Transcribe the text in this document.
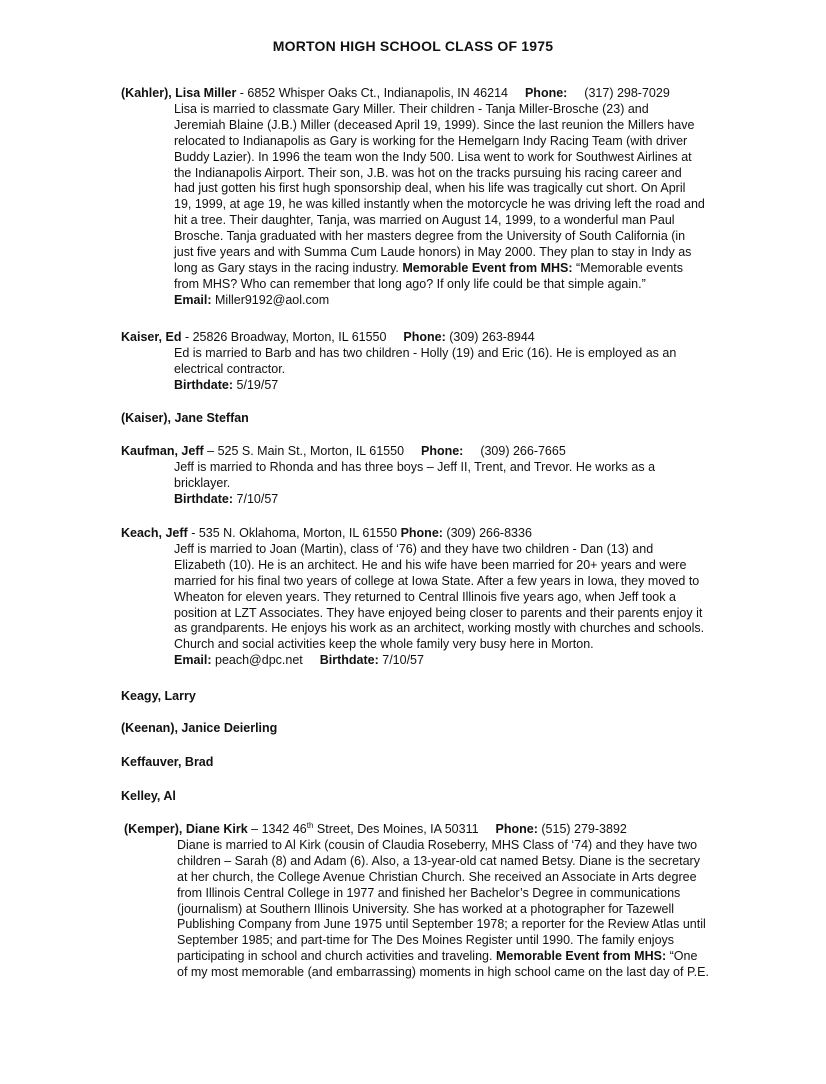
MORTON HIGH SCHOOL CLASS OF 1975
(Kahler), Lisa Miller - 6852 Whisper Oaks Ct., Indianapolis, IN 46214 Phone: (317) 298-7029

Lisa is married to classmate Gary Miller. Their children - Tanja Miller-Brosche (23) and

Jeremiah Blaine (J.B.) Miller (deceased April 19, 1999). Since the last reunion the Millers have

relocated to Indianapolis as Gary is working for the Hemelgarn Indy Racing Team (with driver

Buddy Lazier). In 1996 the team won the Indy 500. Lisa went to work for Southwest Airlines at

the Indianapolis Airport. Their son, J.B. was hot on the tracks pursuing his racing career and

had just gotten his first hugh sponsorship deal, when his life was tragically cut short. On April

19, 1999, at age 19, he was killed instantly when the motorcycle he was driving left the road and

hit a tree. Their daughter, Tanja, was married on August 14, 1999, to a wonderful man Paul

Brosche. Tanja graduated with her masters degree from the University of South California (in

just five years and with Summa Cum Laude honors) in May 2000. They plan to stay in Indy as

long as Gary stays in the racing industry. Memorable Event from MHS: “Memorable events

from MHS? Who can remember that long ago? If only life could be that simple again.”

Email: Miller9192@aol.com

Kaiser, Ed - 25826 Broadway, Morton, IL 61550 Phone: (309) 263-8944

Ed is married to Barb and has two children - Holly (19) and Eric (16). He is employed as an

electrical contractor.

Birthdate: 5/19/57

(Kaiser), Jane Steffan
Kaufman, Jeff – 525 S. Main St., Morton, IL 61550 Phone: (309) 266-7665

Jeff is married to Rhonda and has three boys – Jeff II, Trent, and Trevor. He works as a

bricklayer.

Birthdate: 7/10/57

Keach, Jeff - 535 N. Oklahoma, Morton, IL 61550 Phone: (309) 266-8336

Jeff is married to Joan (Martin), class of ‘76) and they have two children - Dan (13) and

Elizabeth (10). He is an architect. He and his wife have been married for 20+ years and were

married for his final two years of college at Iowa State. After a few years in Iowa, they moved to

Wheaton for eleven years. They returned to Central Illinois five years ago, when Jeff took a

position at LZT Associates. They have enjoyed being closer to parents and their parents enjoy it

as grandparents. He enjoys his work as an architect, working mostly with churches and schools.

Church and social activities keep the whole family very busy here in Morton.

Email: peach@dpc.net Birthdate: 7/10/57

Keagy, Larry
(Keenan), Janice Deierling
Keffauver, Brad
Kelley, Al
(Kemper), Diane Kirk – 1342 46th Street, Des Moines, IA 50311 Phone: (515) 279-3892

Diane is married to Al Kirk (cousin of Claudia Roseberry, MHS Class of ‘74) and they have two

children – Sarah (8) and Adam (6). Also, a 13-year-old cat named Betsy. Diane is the secretary

at her church, the College Avenue Christian Church. She received an Associate in Arts degree

from Illinois Central College in 1977 and finished her Bachelor’s Degree in communications

(journalism) at Southern Illinois University. She has worked at a photographer for Tazewell

Publishing Company from June 1975 until September 1978; a reporter for the Review Atlas until

September 1985; and part-time for The Des Moines Register until 1990. The family enjoys

participating in school and church activities and traveling. Memorable Event from MHS: “One

of my most memorable (and embarrassing) moments in high school came on the last day of P.E.
